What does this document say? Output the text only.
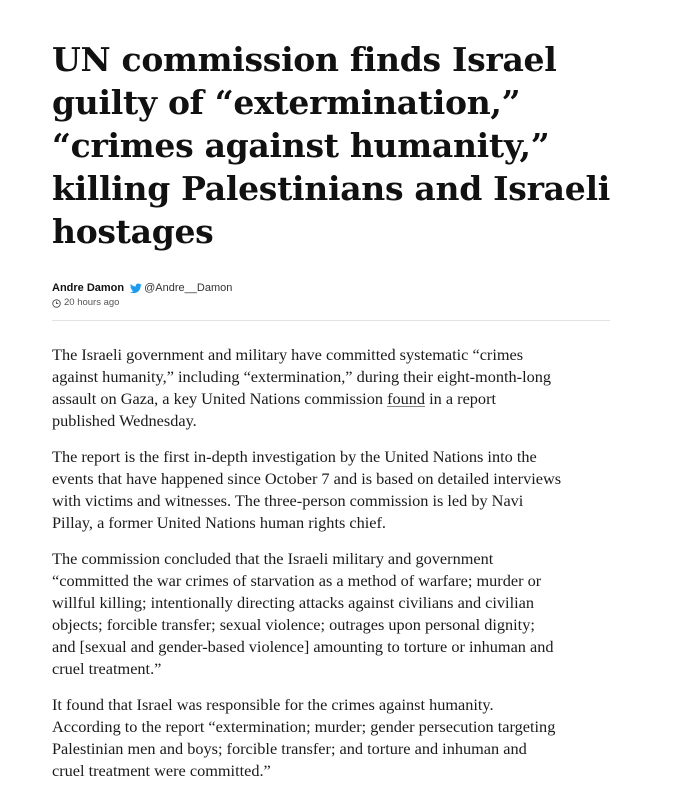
UN commission finds Israel guilty of “extermination,” “crimes against humanity,” killing Palestinians and Israeli hostages
Andre Damon @Andre__Damon
20 hours ago

The Israeli government and military have committed systematic “crimes against humanity,” including “extermination,” during their eight-month-long assault on Gaza, a key United Nations commission found in a report published Wednesday.

The report is the first in-depth investigation by the United Nations into the events that have happened since October 7 and is based on detailed interviews with victims and witnesses. The three-person commission is led by Navi Pillay, a former United Nations human rights chief.

The commission concluded that the Israeli military and government “committed the war crimes of starvation as a method of warfare; murder or willful killing; intentionally directing attacks against civilians and civilian objects; forcible transfer; sexual violence; outrages upon personal dignity; and [sexual and gender-based violence] amounting to torture or inhuman and cruel treatment.”

It found that Israel was responsible for the crimes against humanity. According to the report “extermination; murder; gender persecution targeting Palestinian men and boys; forcible transfer; and torture and inhuman and cruel treatment were committed.”
